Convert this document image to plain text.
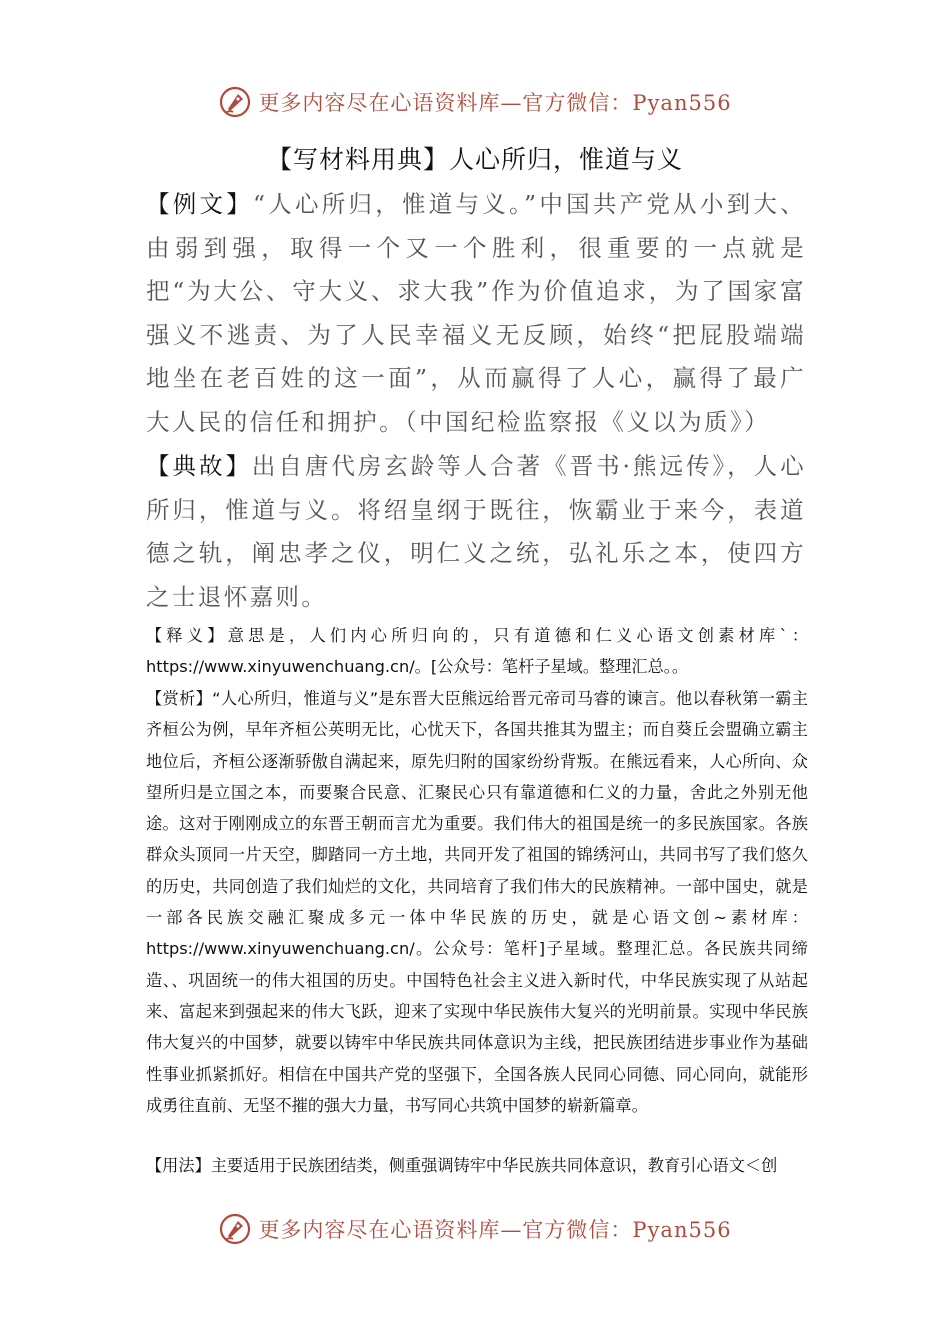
更多内容尽在心语资料库—官方微信：Pyan556
【写材料用典】人心所归，惟道与义
【例文】“人心所归，惟道与义。”中国共产党从小到大、由弱到强，取得一个又一个胜利，很重要的一点就是把“为大公、守大义、求大我”作为价值追求，为了国家富强义不逃责、为了人民幸福义无反顾，始终“把屁股端端地坐在老百姓的这一面”，从而赢得了人心，赢得了最广大人民的信任和拥护。（中国纪检监察报《义以为质》）
【典故】出自唐代房玄龄等人合著《晋书·熊远传》，人心所归，惟道与义。将绍皇纲于既往，恢霸业于来今，表道德之轨，阐忠孝之仪，明仁义之统，弘礼乐之本，使四方之士退怀嘉则。
【释义】意思是，人们内心所归向的，只有道德和仁义心语文创素材库`：https://www.xinyuwenchuang.cn/。[公众号：笔杆子星域。整理汇总。。
【赏析】“人心所归，惟道与义”是东晋大臣熊远给晋元帝司马睿的谏言。他以春秋第一霸主齐桓公为例，早年齐桓公英明无比，心忧天下，各国共推其为盟主；而自葵丘会盟确立霸主地位后，齐桓公逐渐骄傲自满起来，原先归附的国家纷纷背叛。在熊远看来，人心所向、众望所归是立国之本，而要聚合民意、汇聚民心只有靠道德和仁义的力量，舍此之外别无他途。这对于刚刚成立的东晋王朝而言尤为重要。我们伟大的祖国是统一的多民族国家。各族群众头顶同一片天空，脚踏同一方土地，共同开发了祖国的锦绣河山，共同书写了我们悠久的历史，共同创造了我们灿烂的文化，共同培育了我们伟大的民族精神。一部中国史，就是一部各民族交融汇聚成多元一体中华民族的历史，就是心语文创~素材库：https://www.xinyuwenchuang.cn/。公众号：笔杆]子星域。整理汇总。各民族共同缔造、、巩固统一的伟大祖国的历史。中国特色社会主义进入新时代，中华民族实现了从站起来、富起来到强起来的伟大飞跃，迎来了实现中华民族伟大复兴的光明前景。实现中华民族伟大复兴的中国梦，就要以铸牢中华民族共同体意识为主线，把民族团结进步事业作为基础性事业抓紧抓好。相信在中国共产党的坚强下，全国各族人民同心同德、同心同向，就能形成勇往直前、无坚不摧的强大力量，书写同心共筑中国梦的崭新篇章。
【用法】主要适用于民族团结类，侧重强调铸牢中华民族共同体意识，教育引心语文＜创
更多内容尽在心语资料库—官方微信：Pyan556
